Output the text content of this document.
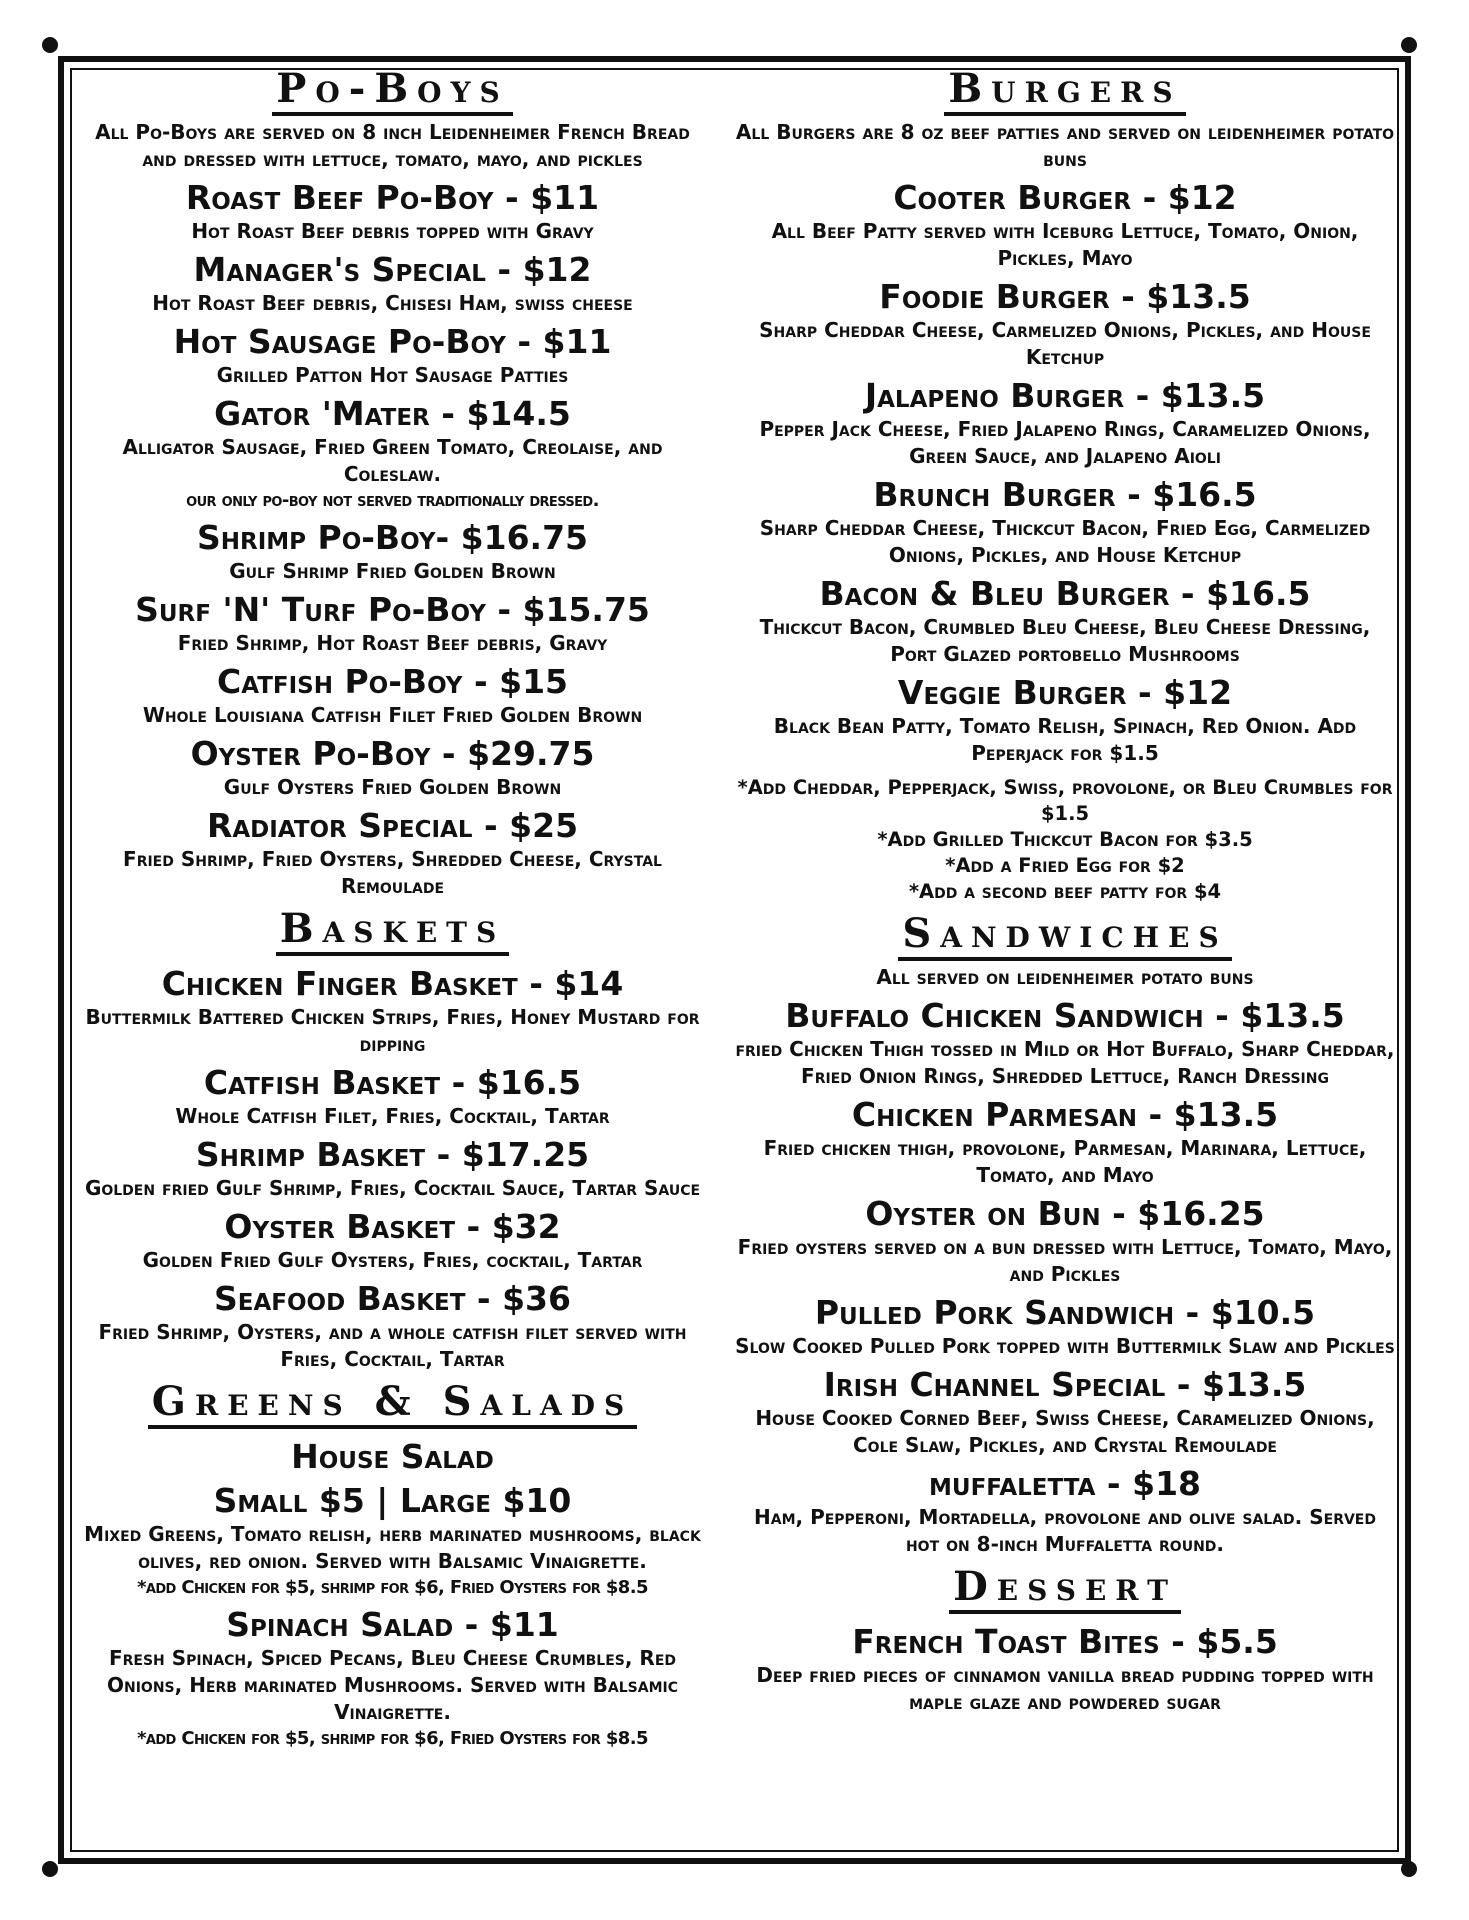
Po-Boys
All Po-Boys are served on 8 inch Leidenheimer French Bread and dressed with lettuce, tomato, mayo, and pickles
Roast Beef Po-Boy - $11
Hot Roast Beef debris topped with Gravy
Manager's Special - $12
Hot Roast Beef debris, Chisesi Ham, swiss cheese
Hot Sausage Po-Boy - $11
Grilled Patton Hot Sausage Patties
Gator 'Mater - $14.5
Alligator Sausage, Fried Green Tomato, Creolaise, and Coleslaw.
our only po-boy not served traditionally dressed.
Shrimp Po-Boy- $16.75
Gulf Shrimp Fried Golden Brown
Surf 'N' Turf Po-Boy - $15.75
Fried Shrimp, Hot Roast Beef debris, Gravy
Catfish Po-Boy - $15
Whole Louisiana Catfish Filet Fried Golden Brown
Oyster Po-Boy - $29.75
Gulf Oysters Fried Golden Brown
Radiator Special - $25
Fried Shrimp, Fried Oysters, Shredded Cheese, Crystal Remoulade
Baskets
Chicken Finger Basket - $14
Buttermilk Battered Chicken Strips, Fries, Honey Mustard for dipping
Catfish Basket - $16.5
Whole Catfish Filet, Fries, Cocktail, Tartar
Shrimp Basket - $17.25
Golden fried Gulf Shrimp, Fries, Cocktail Sauce, Tartar Sauce
Oyster Basket - $32
Golden Fried Gulf Oysters, Fries, cocktail, Tartar
Seafood Basket - $36
Fried Shrimp, Oysters, and a whole catfish filet served with Fries, Cocktail, Tartar
Greens & Salads
House Salad
Small $5 | Large $10
Mixed Greens, Tomato relish, herb marinated mushrooms, black olives, red onion. Served with Balsamic Vinaigrette.
*add Chicken for $5, shrimp for $6, Fried Oysters for $8.5
Spinach Salad - $11
Fresh Spinach, Spiced Pecans, Bleu Cheese Crumbles, Red Onions, Herb marinated Mushrooms. Served with Balsamic Vinaigrette.
*add Chicken for $5, shrimp for $6, Fried Oysters for $8.5
Burgers
All Burgers are 8 oz beef patties and served on leidenheimer potato buns
Cooter Burger - $12
All Beef Patty served with Iceburg Lettuce, Tomato, Onion, Pickles, Mayo
Foodie Burger - $13.5
Sharp Cheddar Cheese, Carmelized Onions, Pickles, and House Ketchup
Jalapeno Burger - $13.5
Pepper Jack Cheese, Fried Jalapeno Rings, Caramelized Onions, Green Sauce, and Jalapeno Aioli
Brunch Burger - $16.5
Sharp Cheddar Cheese, Thickcut Bacon, Fried Egg, Carmelized Onions, Pickles, and House Ketchup
Bacon & Bleu Burger - $16.5
Thickcut Bacon, Crumbled Bleu Cheese, Bleu Cheese Dressing, Port Glazed portobello Mushrooms
Veggie Burger - $12
Black Bean Patty, Tomato Relish, Spinach, Red Onion. Add Peperjack for $1.5
*Add Cheddar, Pepperjack, Swiss, provolone, or Bleu Crumbles for $1.5
*Add Grilled Thickcut Bacon for $3.5
*Add a Fried Egg for $2
*Add a second beef patty for $4
Sandwiches
All served on leidenheimer potato buns
Buffalo Chicken Sandwich - $13.5
fried Chicken Thigh tossed in Mild or Hot Buffalo, Sharp Cheddar, Fried Onion Rings, Shredded Lettuce, Ranch Dressing
Chicken Parmesan - $13.5
Fried chicken thigh, provolone, Parmesan, Marinara, Lettuce, Tomato, and Mayo
Oyster on Bun - $16.25
Fried oysters served on a bun dressed with Lettuce, Tomato, Mayo, and Pickles
Pulled Pork Sandwich - $10.5
Slow Cooked Pulled Pork topped with Buttermilk Slaw and Pickles
Irish Channel Special - $13.5
House Cooked Corned Beef, Swiss Cheese, Caramelized Onions, Cole Slaw, Pickles, and Crystal Remoulade
muffaletta - $18
Ham, Pepperoni, Mortadella, provolone and olive salad. Served hot on 8-inch Muffaletta round.
Dessert
French Toast Bites - $5.5
Deep fried pieces of cinnamon vanilla bread pudding topped with maple glaze and powdered sugar
